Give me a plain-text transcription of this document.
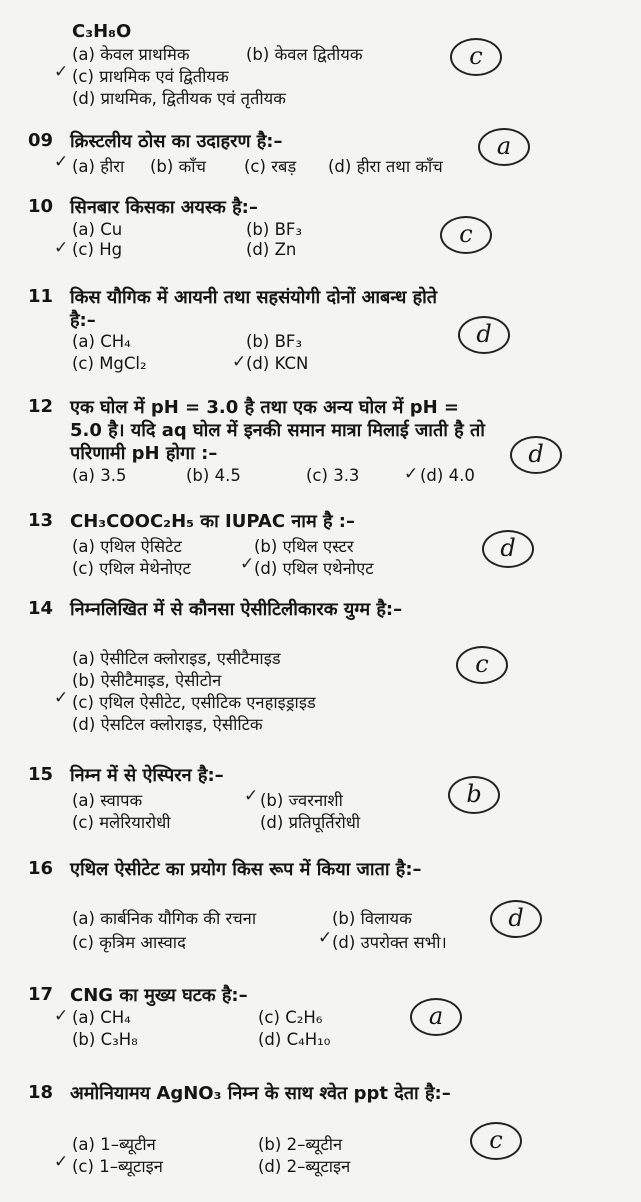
C₃H₈O
(a) केवल प्राथमिक	(b) केवल द्वितीयक
✓ (c) प्राथमिक एवं द्वितीयक
(d) प्राथमिक, द्वितीयक एवं तृतीयक
c
09 क्रिस्टलीय ठोस का उदाहरण है:–
✓ (a) हीरा (b) काँच (c) रबड़ (d) हीरा तथा काँच
a
10 सिनबार किसका अयस्क है:–
(a) Cu	(b) BF₃
✓ (c) Hg	(d) Zn
c
11 किस यौगिक में आयनी तथा सहसंयोगी दोनों आबन्ध होते है:–
(a) CH₄	(b) BF₃
(c) MgCl₂	✓ (d) KCN
d
12 एक घोल में pH = 3.0 है तथा एक अन्य घोल में pH = 5.0 है। यदि aq घोल में इनकी समान मात्रा मिलाई जाती है तो परिणामी pH होगा :–
(a) 3.5	(b) 4.5	(c) 3.3	✓ (d) 4.0
d
13 CH₃COOC₂H₅ का IUPAC नाम है :–
(a) एथिल ऐसिटेट	(b) एथिल एस्टर
(c) एथिल मेथेनोएट	✓ (d) एथिल एथेनोएट
d
14 निम्नलिखित में से कौनसा ऐसीटिलीकारक युग्म है:–
(a) ऐसीटिल क्लोराइड, एसीटैमाइड
(b) ऐसीटैमाइड, ऐसीटोन
✓ (c) एथिल ऐसीटेट, एसीटिक एनहाइड्राइड
(d) ऐसटिल क्लोराइड, ऐसीटिक
c
15 निम्न में से ऐस्पिरन है:–
(a) स्वापक	✓ (b) ज्वरनाशी
(c) मलेरियारोधी	(d) प्रतिपूर्तिरोधी
b
16 एथिल ऐसीटेट का प्रयोग किस रूप में किया जाता है:–
(a) कार्बनिक यौगिक की रचना	(b) विलायक
(c) कृत्रिम आस्वाद	✓ (d) उपरोक्त सभी।
d
17 CNG का मुख्य घटक है:–
✓ (a) CH₄	(c) C₂H₆
(b) C₃H₈	(d) C₄H₁₀
a
18 अमोनियामय AgNO₃ निम्न के साथ श्वेत ppt देता है:–
(a) 1–ब्यूटीन	(b) 2–ब्यूटीन
✓ (c) 1–ब्यूटाइन	(d) 2–ब्यूटाइन
c
